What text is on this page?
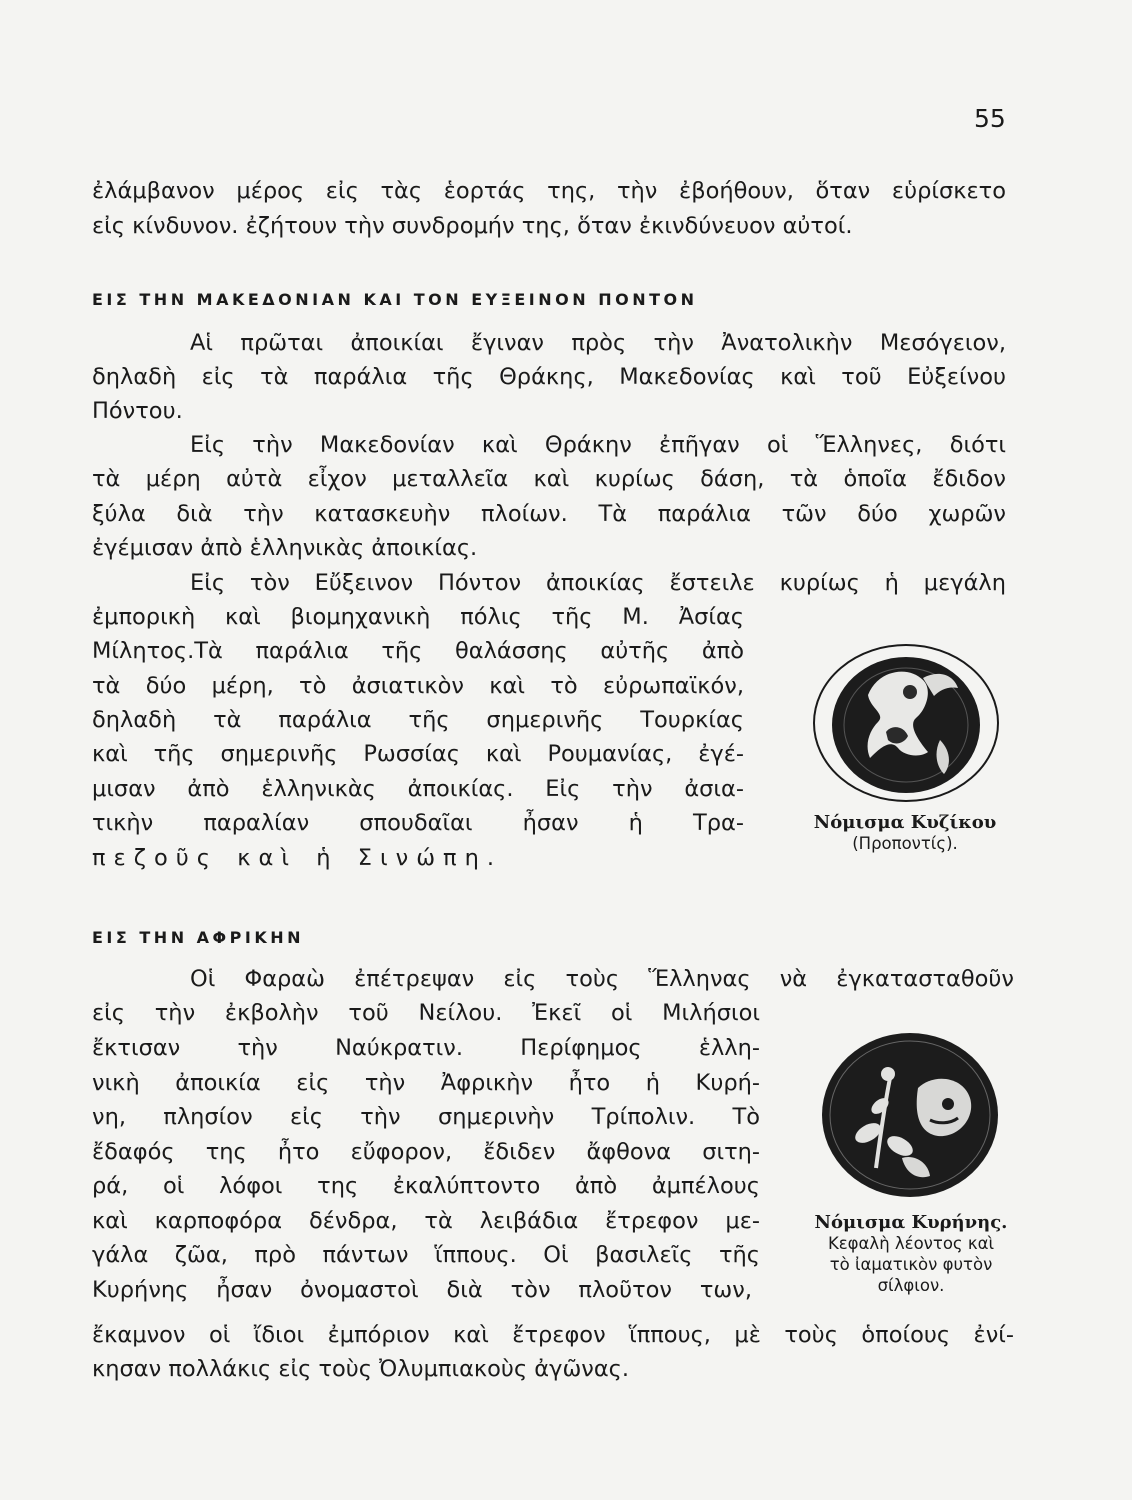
55
ἐλάμβανον μέρος εἰς τὰς ἑορτάς της, τὴν ἐβοήθουν, ὅταν εὑρίσκετο
εἰς κίνδυνον. ἐζήτουν τὴν συνδρομήν της, ὅταν ἐκινδύνευον αὐτοί.
ΕΙΣ ΤΗΝ ΜΑΚΕΔΟΝΙΑΝ ΚΑΙ ΤΟΝ ΕΥΞΕΙΝΟΝ ΠΟΝΤΟΝ
Αἱ πρῶται ἀποικίαι ἔγιναν πρὸς τὴν Ἀνατολικὴν Μεσόγειον,
δηλαδὴ εἰς τὰ παράλια τῆς Θράκης, Μακεδονίας καὶ τοῦ Εὐξείνου
Πόντου.
Εἰς τὴν Μακεδονίαν καὶ Θράκην ἐπῆγαν οἱ Ἕλληνες, διότι
τὰ μέρη αὐτὰ εἶχον μεταλλεῖα καὶ κυρίως δάση, τὰ ὁποῖα ἔδιδον
ξύλα διὰ τὴν κατασκευὴν πλοίων. Τὰ παράλια τῶν δύο χωρῶν
ἐγέμισαν ἀπὸ ἑλληνικὰς ἀποικίας.
Εἰς τὸν Εὔξεινον Πόντον ἀποικίας ἔστειλε κυρίως ἡ μεγάλη
ἐμπορικὴ καὶ βιομηχανικὴ πόλις τῆς Μ. Ἀσίας
Μίλητος.Τὰ παράλια τῆς θαλάσσης αὐτῆς ἀπὸ
τὰ δύο μέρη, τὸ ἀσιατικὸν καὶ τὸ εὐρωπαϊκόν,
δηλαδὴ τὰ παράλια τῆς σημερινῆς Τουρκίας
καὶ τῆς σημερινῆς Ρωσσίας καὶ Ρουμανίας, ἐγέ-
μισαν ἀπὸ ἑλληνικὰς ἀποικίας. Εἰς τὴν ἀσια-
τικὴν παραλίαν σπουδαῖαι ἦσαν ἡ Τρα-
πεζοῦς καὶ ἡ Σινώπη.
Νόμισμα Κυζίκου
(Προποντίς).
ΕΙΣ ΤΗΝ ΑΦΡΙΚΗΝ
Οἱ Φαραὼ ἐπέτρεψαν εἰς τοὺς Ἕλληνας νὰ ἐγκατασταθοῦν
εἰς τὴν ἐκβολὴν τοῦ Νείλου. Ἐκεῖ οἱ Μιλήσιοι
ἔκτισαν τὴν Ναύκρατιν. Περίφημος ἑλλη-
νικὴ ἀποικία εἰς τὴν Ἀφρικὴν ἦτο ἡ Κυρή-
νη, πλησίον εἰς τὴν σημερινὴν Τρίπολιν. Τὸ
ἔδαφός της ἦτο εὔφορον, ἔδιδεν ἄφθονα σιτη-
ρά, οἱ λόφοι της ἐκαλύπτοντο ἀπὸ ἀμπέλους
καὶ καρποφόρα δένδρα, τὰ λειβάδια ἔτρεφον με-
γάλα ζῶα, πρὸ πάντων ἵππους. Οἱ βασιλεῖς τῆς
Κυρήνης ἦσαν ὀνομαστοὶ διὰ τὸν πλοῦτον των,
ἔκαμνον οἱ ἴδιοι ἐμπόριον καὶ ἔτρεφον ἵππους, μὲ τοὺς ὁποίους ἐνί-
κησαν πολλάκις εἰς τοὺς Ὀλυμπιακοὺς ἀγῶνας.
Νόμισμα Κυρήνης.
Κεφαλὴ λέοντος καὶ
τὸ ἰαματικὸν φυτὸν
σίλφιον.
